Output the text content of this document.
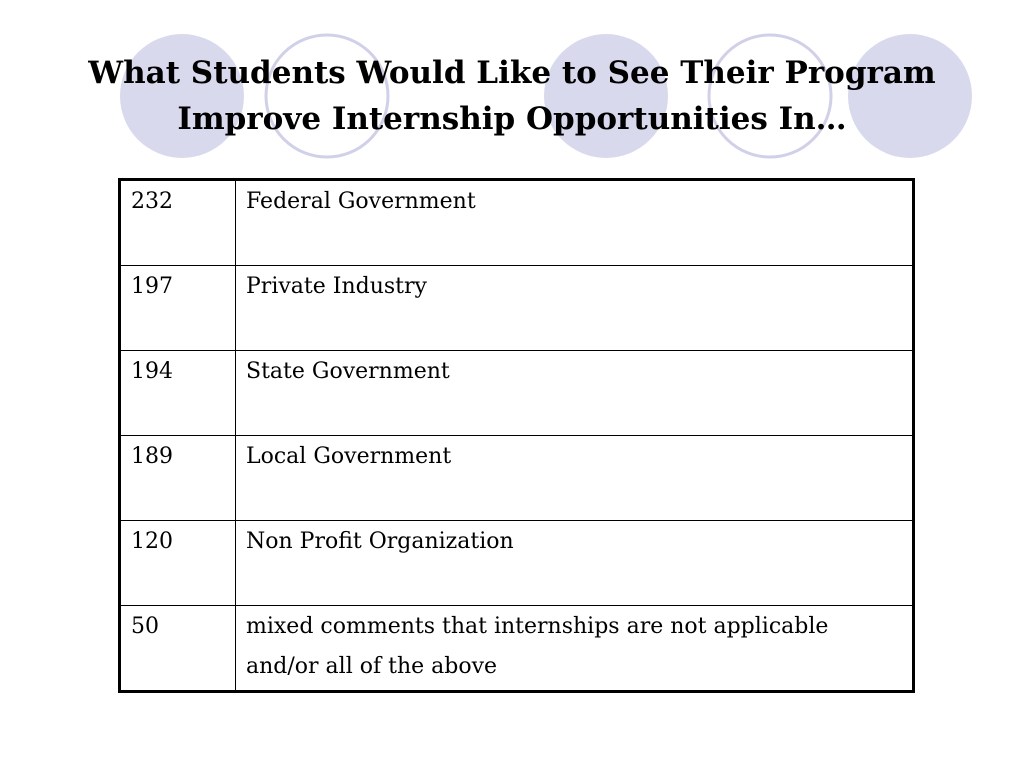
What Students Would Like to See Their Program
Improve Internship Opportunities In…
232	Federal Government

197	Private Industry

194	State Government

189	Local Government

120	Non Profit Organization

50	mixed comments that internships are not applicable and/or all of the above
